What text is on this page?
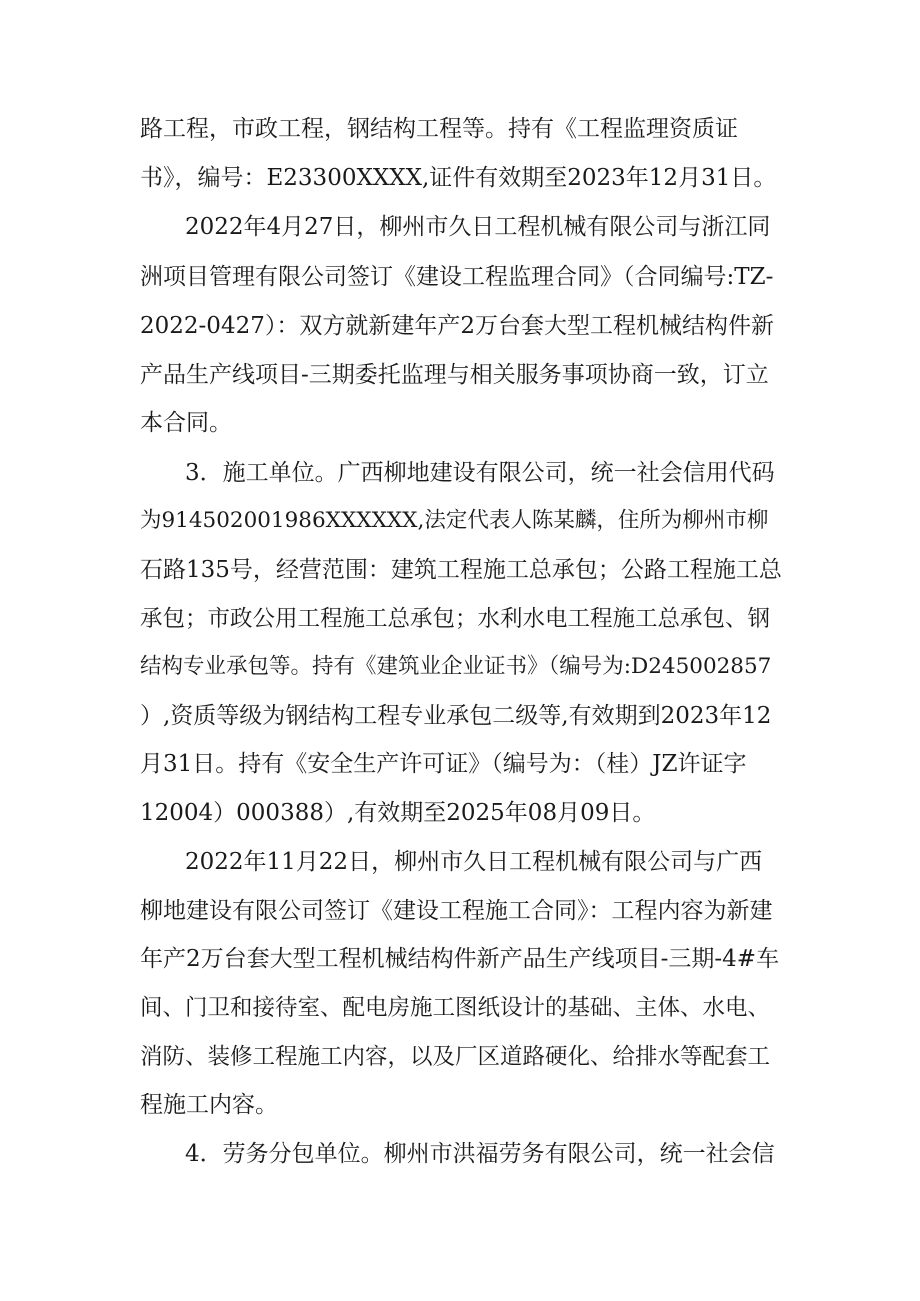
路工程，市政工程，钢结构工程等。持有《工程监理资质证

书》，编号：E23300XXXX,证件有效期至2023年12月31日。

2022年4月27日，柳州市久日工程机械有限公司与浙江同

洲项目管理有限公司签订《建设工程监理合同》（合同编号:TZ-

2022-0427）：双方就新建年产2万台套大型工程机械结构件新

产品生产线项目-三期委托监理与相关服务事项协商一致，订立

本合同。

3．施工单位。广西柳地建设有限公司，统一社会信用代码

为914502001986XXXXXX,法定代表人陈某麟，住所为柳州市柳

石路135号，经营范围：建筑工程施工总承包；公路工程施工总

承包；市政公用工程施工总承包；水利水电工程施工总承包、钢

结构专业承包等。持有《建筑业企业证书》（编号为:D245002857

）,资质等级为钢结构工程专业承包二级等,有效期到2023年12

月31日。持有《安全生产许可证》（编号为：（桂）JZ许证字

12004）000388）,有效期至2025年08月09日。

2022年11月22日，柳州市久日工程机械有限公司与广西

柳地建设有限公司签订《建设工程施工合同》：工程内容为新建

年产2万台套大型工程机械结构件新产品生产线项目-三期-4#车

间、门卫和接待室、配电房施工图纸设计的基础、主体、水电、

消防、装修工程施工内容，以及厂区道路硬化、给排水等配套工

程施工内容。

4．劳务分包单位。柳州市洪福劳务有限公司，统一社会信
